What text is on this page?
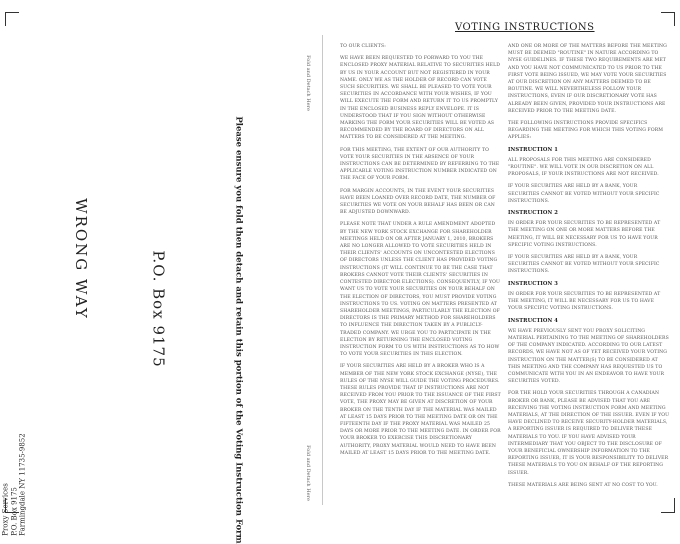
Proxy Services P.O. Box 9175 Farmingdale NY 11735-9852
WRONG WAY	P.O. Box 9175	Please ensure you fold then detach and retain this portion of the Voting Instruction Form
Fold and Detach Here
Fold and Detach Here
VOTING INSTRUCTIONS

TO OUR CLIENTS:

WE HAVE BEEN REQUESTED TO FORWARD TO YOU THE ENCLOSED PROXY MATERIAL RELATIVE TO SECURITIES HELD BY US IN YOUR ACCOUNT BUT NOT REGISTERED IN YOUR NAME. ONLY WE AS THE HOLDER OF RECORD CAN VOTE SUCH SECURITIES. WE SHALL BE PLEASED TO VOTE YOUR SECURITIES IN ACCORDANCE WITH YOUR WISHES, IF YOU WILL EXECUTE THE FORM AND RETURN IT TO US PROMPTLY IN THE ENCLOSED BUSINESS REPLY ENVELOPE. IT IS UNDERSTOOD THAT IF YOU SIGN WITHOUT OTHERWISE MARKING THE FORM YOUR SECURITIES WILL BE VOTED AS RECOMMENDED BY THE BOARD OF DIRECTORS ON ALL MATTERS TO BE CONSIDERED AT THE MEETING.

FOR THIS MEETING, THE EXTENT OF OUR AUTHORITY TO VOTE YOUR SECURITIES IN THE ABSENCE OF YOUR INSTRUCTIONS CAN BE DETERMINED BY REFERRING TO THE APPLICABLE VOTING INSTRUCTION NUMBER INDICATED ON THE FACE OF YOUR FORM.

FOR MARGIN ACCOUNTS, IN THE EVENT YOUR SECURITIES HAVE BEEN LOANED OVER RECORD DATE, THE NUMBER OF SECURITIES WE VOTE ON YOUR BEHALF HAS BEEN OR CAN BE ADJUSTED DOWNWARD.

PLEASE NOTE THAT UNDER A RULE AMENDMENT ADOPTED BY THE NEW YORK STOCK EXCHANGE FOR SHAREHOLDER MEETINGS HELD ON OR AFTER JANUARY 1, 2010, BROKERS ARE NO LONGER ALLOWED TO VOTE SECURITIES HELD IN THEIR CLIENTS' ACCOUNTS ON UNCONTESTED ELECTIONS OF DIRECTORS UNLESS THE CLIENT HAS PROVIDED VOTING INSTRUCTIONS (IT WILL CONTINUE TO BE THE CASE THAT BROKERS CANNOT VOTE THEIR CLIENTS' SECURITIES IN CONTESTED DIRECTOR ELECTIONS). CONSEQUENTLY, IF YOU WANT US TO VOTE YOUR SECURITIES ON YOUR BEHALF ON THE ELECTION OF DIRECTORS, YOU MUST PROVIDE VOTING INSTRUCTIONS TO US. VOTING ON MATTERS PRESENTED AT SHAREHOLDER MEETINGS, PARTICULARLY THE ELECTION OF DIRECTORS IS THE PRIMARY METHOD FOR SHAREHOLDERS TO INFLUENCE THE DIRECTION TAKEN BY A PUBLICLY-TRADED COMPANY. WE URGE YOU TO PARTICIPATE IN THE ELECTION BY RETURNING THE ENCLOSED VOTING INSTRUCTION FORM TO US WITH INSTRUCTIONS AS TO HOW TO VOTE YOUR SECURITIES IN THIS ELECTION.

IF YOUR SECURITIES ARE HELD BY A BROKER WHO IS A MEMBER OF THE NEW YORK STOCK EXCHANGE (NYSE), THE RULES OF THE NYSE WILL GUIDE THE VOTING PROCEDURES. THESE RULES PROVIDE THAT IF INSTRUCTIONS ARE NOT RECEIVED FROM YOU PRIOR TO THE ISSUANCE OF THE FIRST VOTE, THE PROXY MAY BE GIVEN AT DISCRETION OF YOUR BROKER ON THE TENTH DAY IF THE MATERIAL WAS MAILED AT LEAST 15 DAYS PRIOR TO THE MEETING DATE OR ON THE FIFTEENTH DAY IF THE PROXY MATERIAL WAS MAILED 25 DAYS OR MORE PRIOR TO THE MEETING DATE. IN ORDER FOR YOUR BROKER TO EXERCISE THIS DISCRETIONARY AUTHORITY, PROXY MATERIAL WOULD NEED TO HAVE BEEN MAILED AT LEAST 15 DAYS PRIOR TO THE MEETING DATE.

AND ONE OR MORE OF THE MATTERS BEFORE THE MEETING MUST BE DEEMED "ROUTINE" IN NATURE ACCORDING TO NYSE GUIDELINES. IF THESE TWO REQUIREMENTS ARE MET AND YOU HAVE NOT COMMUNICATED TO US PRIOR TO THE FIRST VOTE BEING ISSUED, WE MAY VOTE YOUR SECURITIES AT OUR DISCRETION ON ANY MATTERS DEEMED TO BE ROUTINE. WE WILL NEVERTHELESS FOLLOW YOUR INSTRUCTIONS, EVEN IF OUR DISCRETIONARY VOTE HAS ALREADY BEEN GIVEN, PROVIDED YOUR INSTRUCTIONS ARE RECEIVED PRIOR TO THE MEETING DATE.

THE FOLLOWING INSTRUCTIONS PROVIDE SPECIFICS REGARDING THE MEETING FOR WHICH THIS VOTING FORM APPLIES:

INSTRUCTION 1

ALL PROPOSALS FOR THIS MEETING ARE CONSIDERED "ROUTINE". WE WILL VOTE IN OUR DISCRETION ON ALL PROPOSALS, IF YOUR INSTRUCTIONS ARE NOT RECEIVED.

IF YOUR SECURITIES ARE HELD BY A BANK, YOUR SECURITIES CANNOT BE VOTED WITHOUT YOUR SPECIFIC INSTRUCTIONS.

INSTRUCTION 2

IN ORDER FOR YOUR SECURITIES TO BE REPRESENTED AT THE MEETING ON ONE OR MORE MATTERS BEFORE THE MEETING, IT WILL BE NECESSARY FOR US TO HAVE YOUR SPECIFIC VOTING INSTRUCTIONS.

IF YOUR SECURITIES ARE HELD BY A BANK, YOUR SECURITIES CANNOT BE VOTED WITHOUT YOUR SPECIFIC INSTRUCTIONS.

INSTRUCTION 3

IN ORDER FOR YOUR SECURITIES TO BE REPRESENTED AT THE MEETING, IT WILL BE NECESSARY FOR US TO HAVE YOUR SPECIFIC VOTING INSTRUCTIONS.

INSTRUCTION 4

WE HAVE PREVIOUSLY SENT YOU PROXY SOLICITING MATERIAL PERTAINING TO THE MEETING OF SHAREHOLDERS OF THE COMPANY INDICATED. ACCORDING TO OUR LATEST RECORDS, WE HAVE NOT AS OF YET RECEIVED YOUR VOTING INSTRUCTION ON THE MATTER(S) TO BE CONSIDERED AT THIS MEETING AND THE COMPANY HAS REQUESTED US TO COMMUNICATE WITH YOU IN AN ENDEAVOR TO HAVE YOUR SECURITIES VOTED.

FOR THE HOLD YOUR SECURITIES THROUGH A CANADIAN BROKER OR BANK, PLEASE BE ADVISED THAT YOU ARE RECEIVING THE VOTING INSTRUCTION FORM AND MEETING MATERIALS, AT THE DIRECTION OF THE ISSUER. EVEN IF YOU HAVE DECLINED TO RECEIVE SECURITY-HOLDER MATERIALS, A REPORTING ISSUER IS REQUIRED TO DELIVER THESE MATERIALS TO YOU. IF YOU HAVE ADVISED YOUR INTERMEDIARY THAT YOU OBJECT TO THE DISCLOSURE OF YOUR BENEFICIAL OWNERSHIP INFORMATION TO THE REPORTING ISSUER, IT IS YOUR RESPONSIBILITY TO DELIVER THESE MATERIALS TO YOU ON BEHALF OF THE REPORTING ISSUER.

THESE MATERIALS ARE BEING SENT AT NO COST TO YOU.
